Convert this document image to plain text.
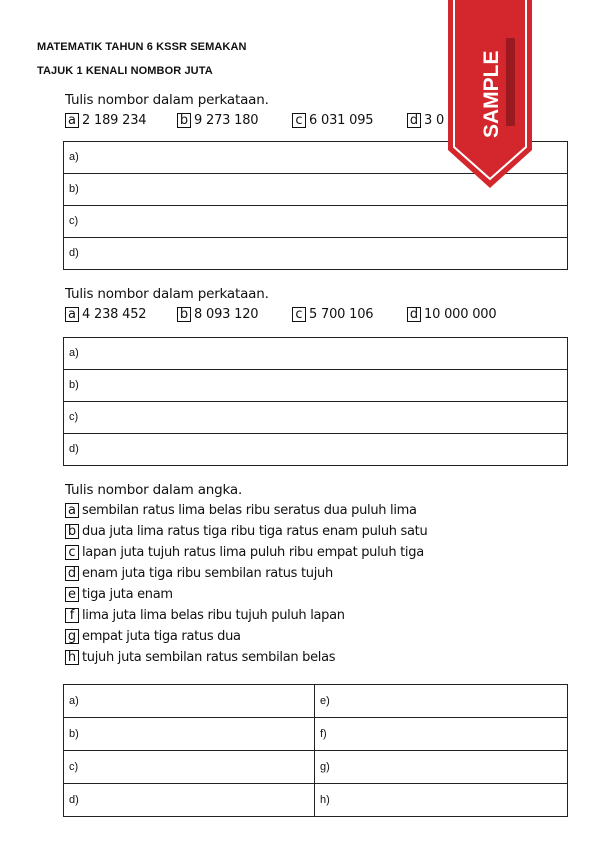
MATEMATIK TAHUN 6 KSSR SEMAKAN
TAJUK 1 KENALI NOMBOR JUTA
Tulis nombor dalam perkataan.
a 2 189 234	b 9 273 180	c 6 031 095	d 3 0
a)
b)
c)
d)
Tulis nombor dalam perkataan.
a 4 238 452	b 8 093 120	c 5 700 106	d 10 000 000
a)
b)
c)
d)
Tulis nombor dalam angka.
a sembilan ratus lima belas ribu seratus dua puluh lima
b dua juta lima ratus tiga ribu tiga ratus enam puluh satu
c lapan juta tujuh ratus lima puluh ribu empat puluh tiga
d enam juta tiga ribu sembilan ratus tujuh
e tiga juta enam
f lima juta lima belas ribu tujuh puluh lapan
g empat juta tiga ratus dua
h tujuh juta sembilan ratus sembilan belas
a)	e)
b)	f)
c)	g)
d)	h)
SAMPLE
